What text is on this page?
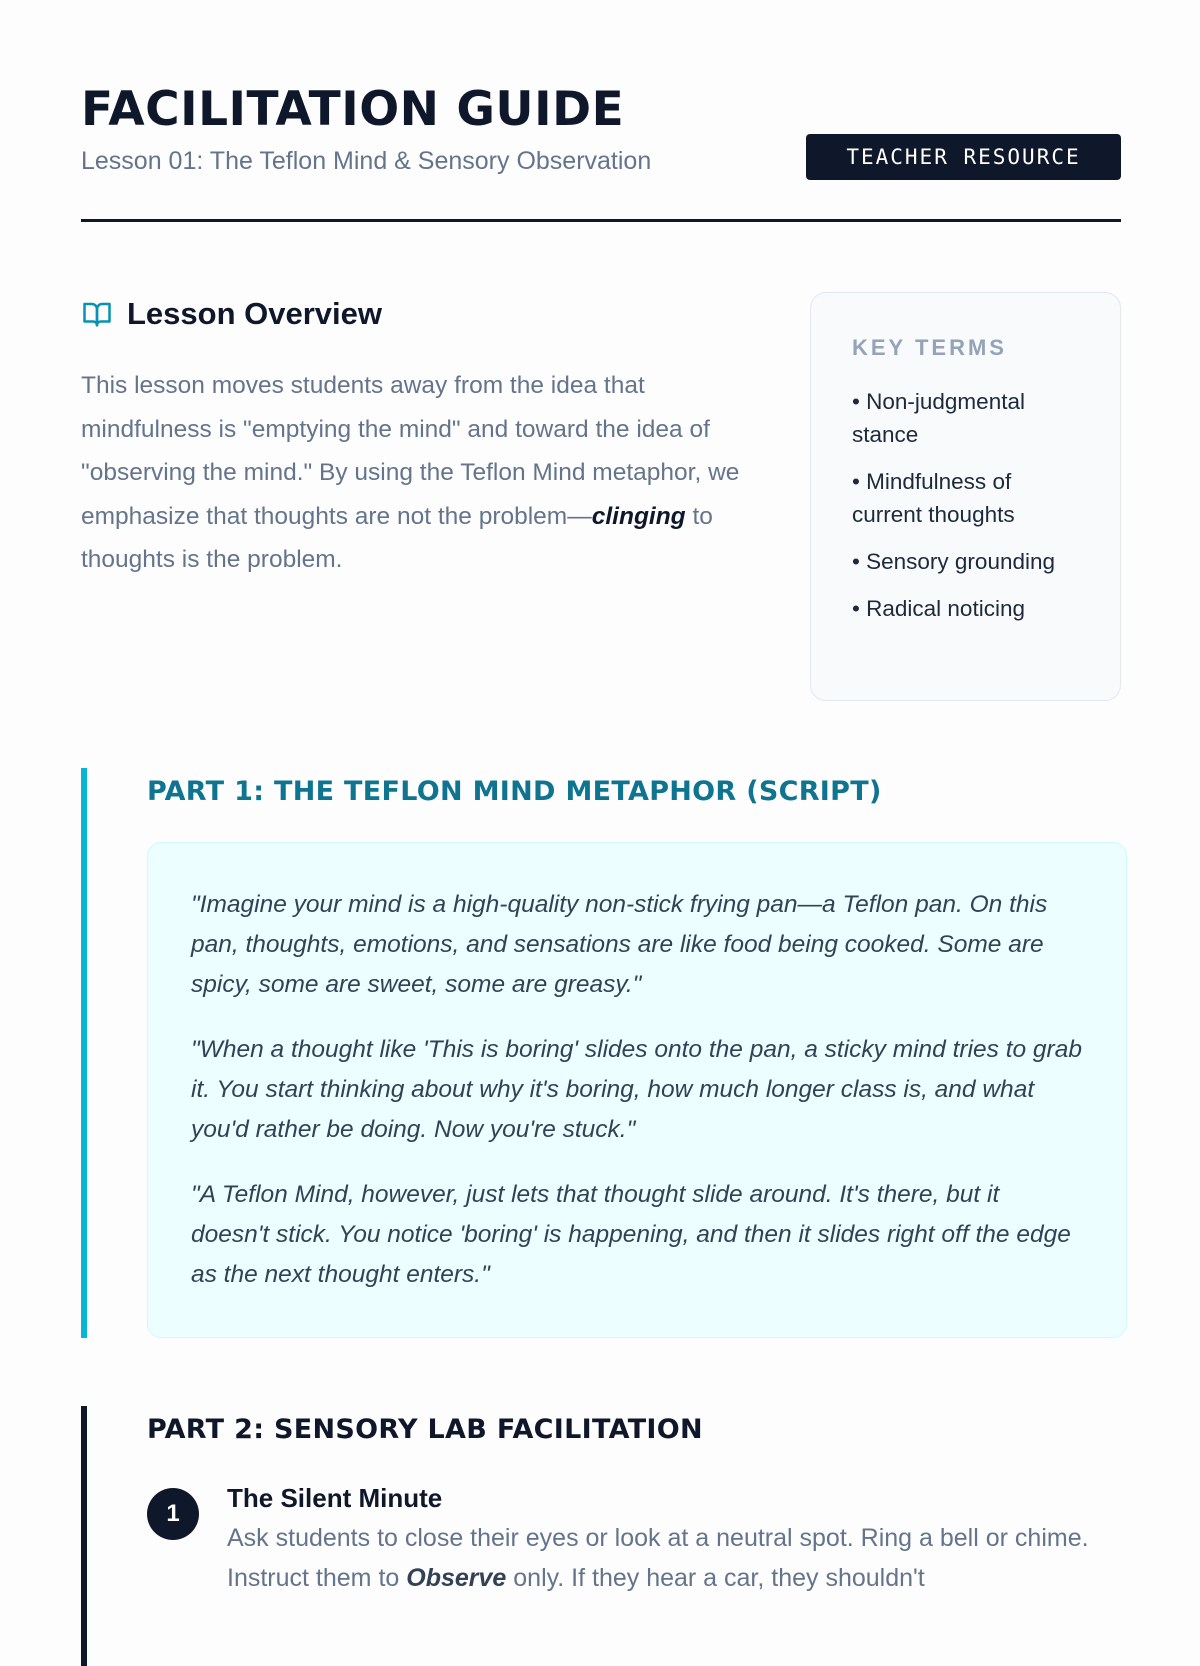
FACILITATION GUIDE
Lesson 01: The Teflon Mind & Sensory Observation	TEACHER RESOURCE
Lesson Overview
This lesson moves students away from the idea that mindfulness is "emptying the mind" and toward the idea of "observing the mind." By using the Teflon Mind metaphor, we emphasize that thoughts are not the problem—clinging to thoughts is the problem.
KEY TERMS
• Non-judgmental stance
• Mindfulness of current thoughts
• Sensory grounding
• Radical noticing
PART 1: THE TEFLON MIND METAPHOR (SCRIPT)

"Imagine your mind is a high-quality non-stick frying pan—a Teflon pan. On this pan, thoughts, emotions, and sensations are like food being cooked. Some are spicy, some are sweet, some are greasy."

"When a thought like 'This is boring' slides onto the pan, a sticky mind tries to grab it. You start thinking about why it's boring, how much longer class is, and what you'd rather be doing. Now you're stuck."

"A Teflon Mind, however, just lets that thought slide around. It's there, but it doesn't stick. You notice 'boring' is happening, and then it slides right off the edge as the next thought enters."

PART 2: SENSORY LAB FACILITATION
1
The Silent Minute
Ask students to close their eyes or look at a neutral spot. Ring a bell or chime. Instruct them to Observe only. If they hear a car, they shouldn't
